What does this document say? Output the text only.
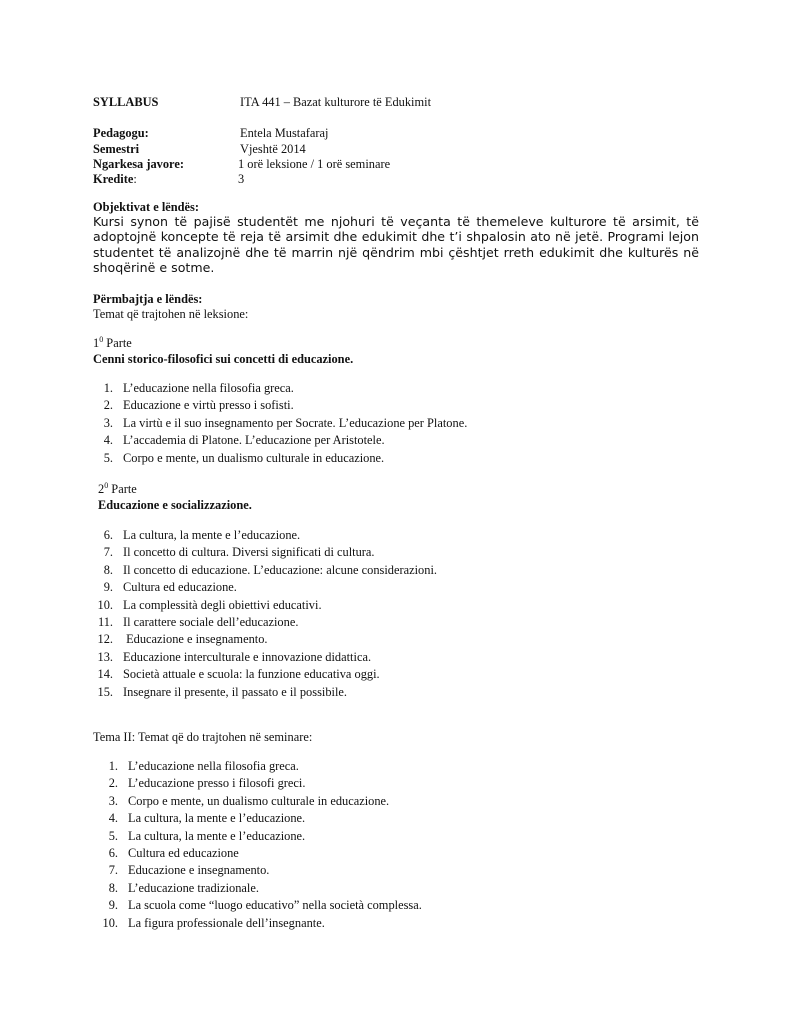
SYLLABUS	ITA 441 – Bazat kulturore të Edukimit
Pedagogu:	Entela Mustafaraj
Semestri	Vjeshtë 2014
Ngarkesa javore:	1 orë leksione / 1 orë seminare
Kredite:	3
Objektivat e lëndës:
Kursi synon të pajisë studentët me njohuri të veçanta të themeleve kulturore të arsimit, të adoptojnë koncepte të reja të arsimit dhe edukimit dhe t’i shpalosin ato në jetë. Programi lejon studentet të analizojnë dhe të marrin një qëndrim mbi çështjet rreth edukimit dhe kulturës në shoqërinë e sotme.
Përmbajtja e lëndës:
Temat që trajtohen në leksione:
$1^0$ Parte
Cenni storico-filosofici sui concetti di educazione.
1. L’educazione nella filosofia greca.
2. Educazione e virtù presso i sofisti.
3. La virtù e il suo insegnamento per Socrate. L’educazione per Platone.
4. L’accademia di Platone. L’educazione per Aristotele.
5. Corpo e mente, un dualismo culturale in educazione.
$2^0$ Parte
Educazione e socializzazione.
6. La cultura, la mente e l’educazione.
7. Il concetto di cultura. Diversi significati di cultura.
8. Il concetto di educazione. L’educazione: alcune considerazioni.
9. Cultura ed educazione.
10. La complessità degli obiettivi educativi.
11. Il carattere sociale dell’educazione.
12. Educazione e insegnamento.
13. Educazione interculturale e innovazione didattica.
14. Società attuale e scuola: la funzione educativa oggi.
15. Insegnare il presente, il passato e il possibile.
Tema II: Temat që do trajtohen në seminare:
1. L’educazione nella filosofia greca.
2. L’educazione presso i filosofi greci.
3. Corpo e mente, un dualismo culturale in educazione.
4. La cultura, la mente e l’educazione.
5. La cultura, la mente e l’educazione.
6. Cultura ed educazione
7. Educazione e insegnamento.
8. L’educazione tradizionale.
9. La scuola come “luogo educativo” nella società complessa.
10. La figura professionale dell’insegnante.
